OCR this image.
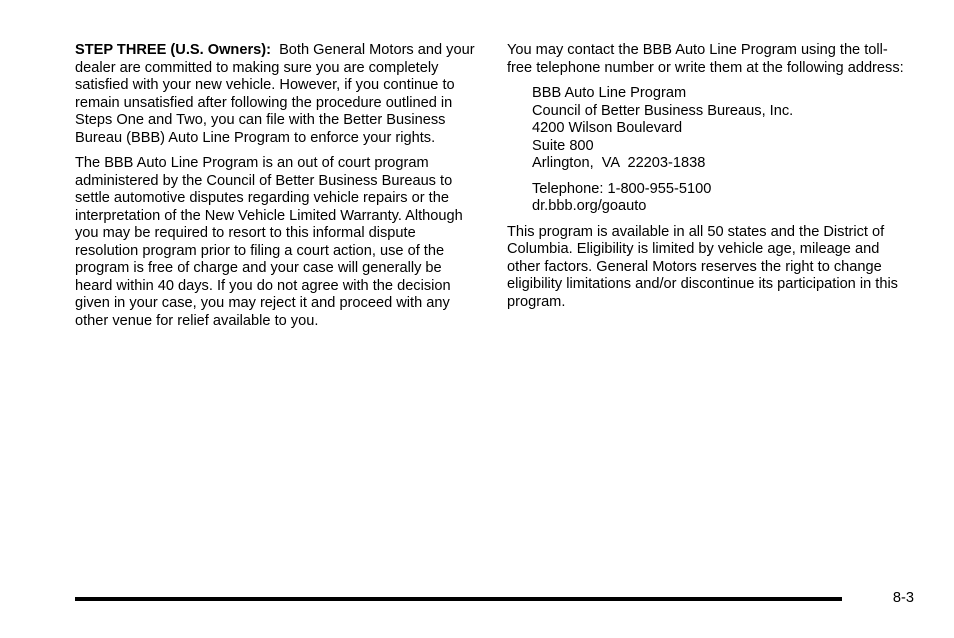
STEP THREE (U.S. Owners): Both General Motors and your dealer are committed to making sure you are completely satisfied with your new vehicle. However, if you continue to remain unsatisfied after following the procedure outlined in Steps One and Two, you can file with the Better Business Bureau (BBB) Auto Line Program to enforce your rights.

The BBB Auto Line Program is an out of court program administered by the Council of Better Business Bureaus to settle automotive disputes regarding vehicle repairs or the interpretation of the New Vehicle Limited Warranty. Although you may be required to resort to this informal dispute resolution program prior to filing a court action, use of the program is free of charge and your case will generally be heard within 40 days. If you do not agree with the decision given in your case, you may reject it and proceed with any other venue for relief available to you.

You may contact the BBB Auto Line Program using the toll-free telephone number or write them at the following address:

BBB Auto Line Program
Council of Better Business Bureaus, Inc.
4200 Wilson Boulevard
Suite 800
Arlington,  VA  22203-1838
Telephone: 1-800-955-5100
dr.bbb.org/goauto

This program is available in all 50 states and the District of Columbia. Eligibility is limited by vehicle age, mileage and other factors. General Motors reserves the right to change eligibility limitations and/or discontinue its participation in this program.

8-3
